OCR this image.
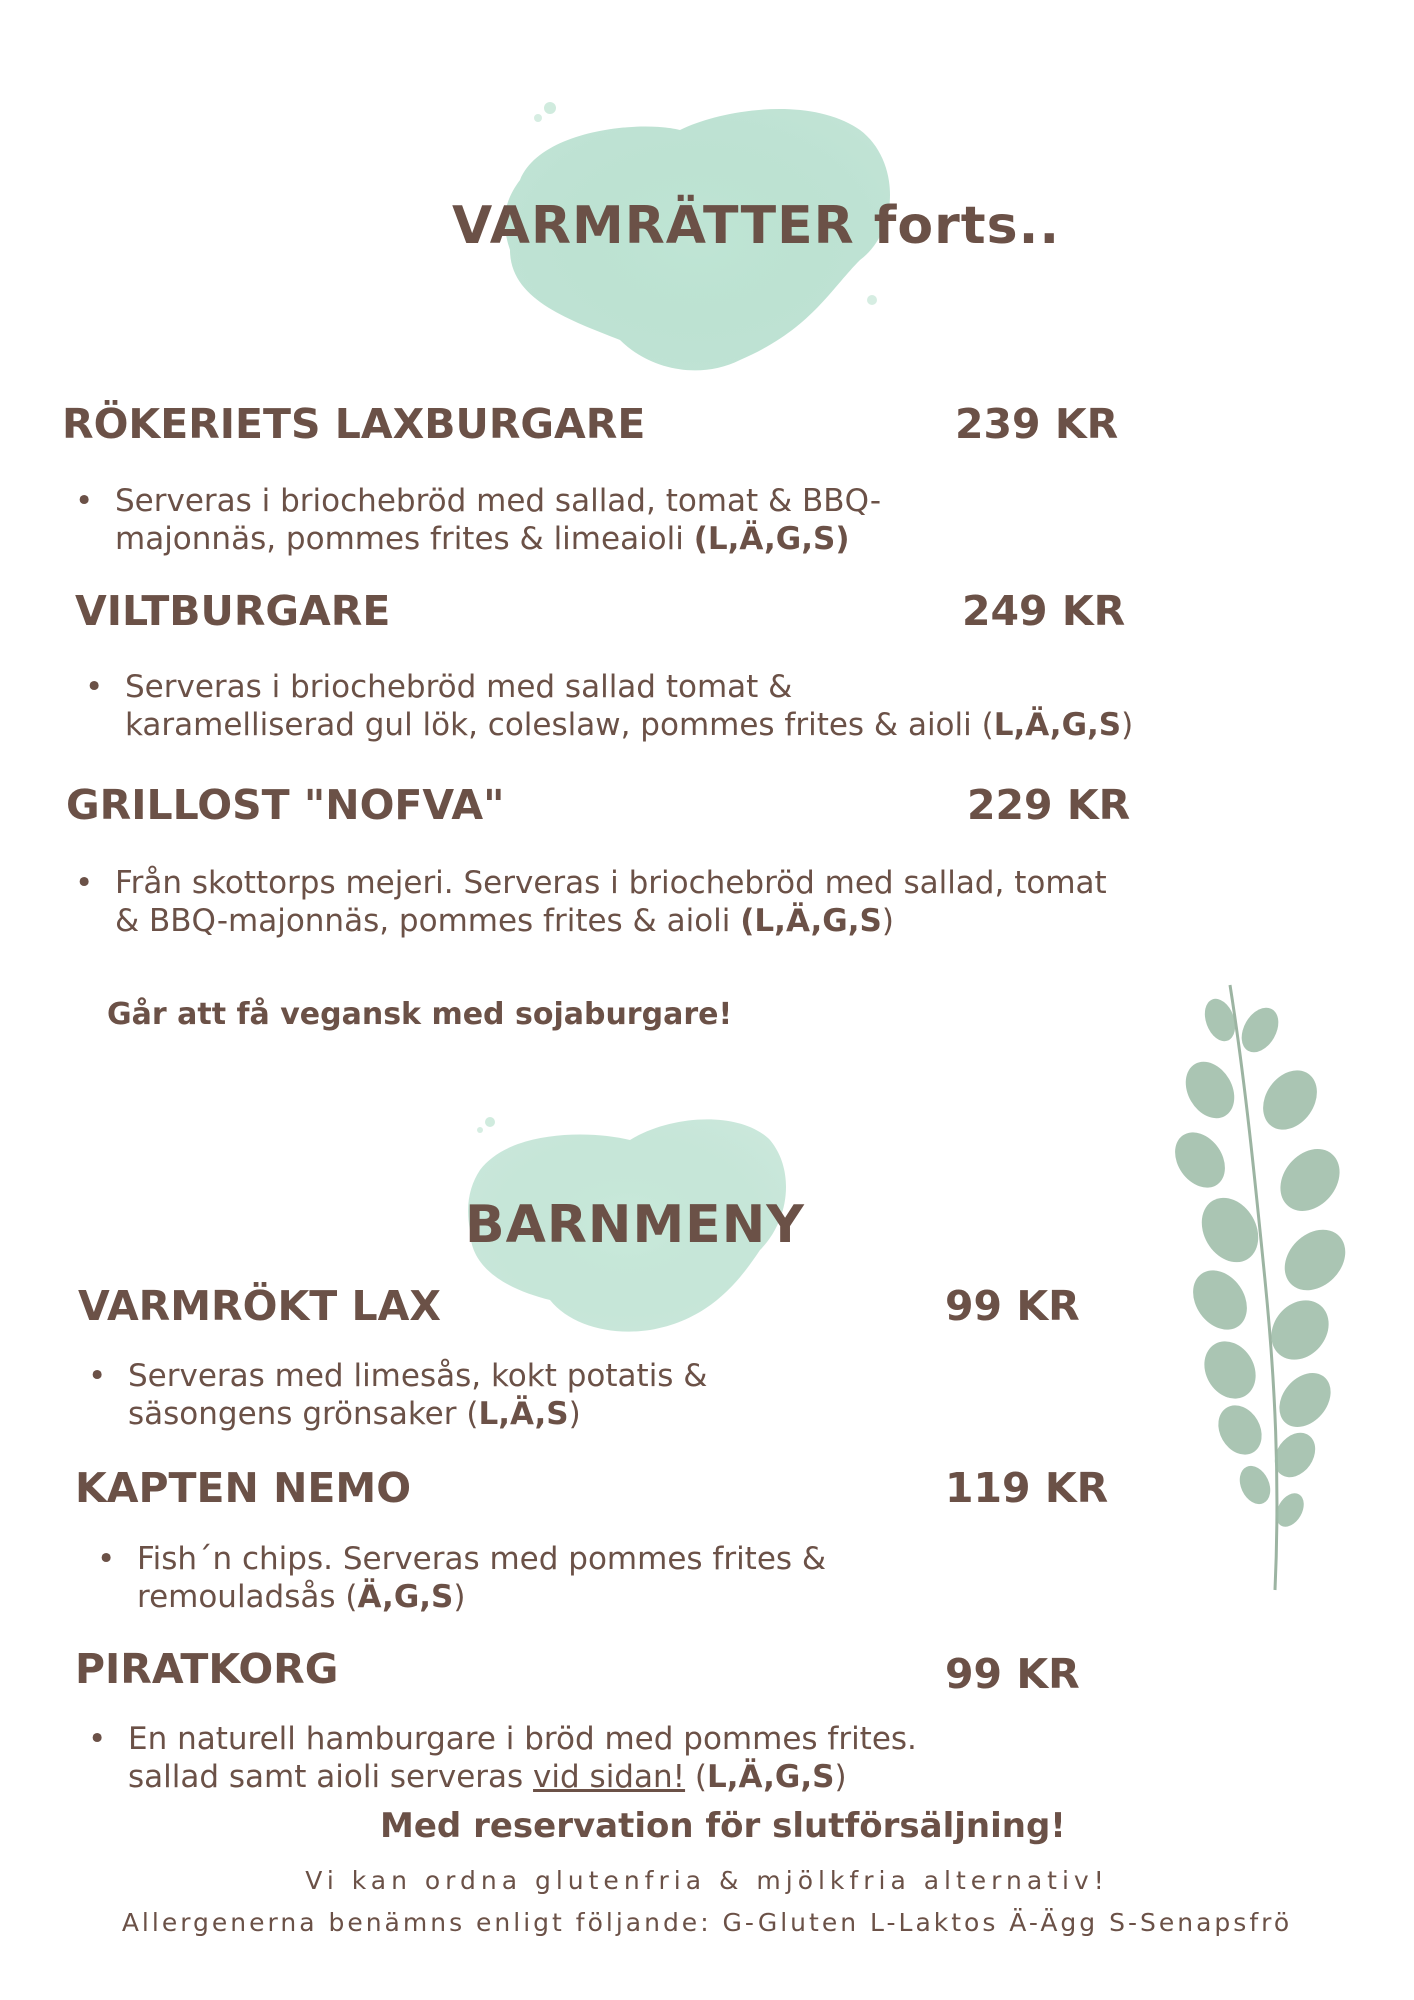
VARMRÄTTER forts..
RÖKERIETS LAXBURGARE	239 KR
• Serveras i briochebröd med sallad, tomat & BBQ-
majonnäs, pommes frites & limeaioli (L,Ä,G,S)
VILTBURGARE	249 KR
• Serveras i briochebröd med sallad tomat &
karamelliserad gul lök, coleslaw, pommes frites & aioli (L,Ä,G,S)
GRILLOST "NOFVA"	229 KR
• Från skottorps mejeri. Serveras i briochebröd med sallad, tomat
& BBQ-majonnäs, pommes frites & aioli (L,Ä,G,S)
Går att få vegansk med sojaburgare!
BARNMENY
VARMRÖKT LAX	99 KR
• Serveras med limesås, kokt potatis &
säsongens grönsaker (L,Ä,S)
KAPTEN NEMO	119 KR
• Fish´n chips. Serveras med pommes frites &
remouladsås (Ä,G,S)
PIRATKORG	99 KR
• En naturell hamburgare i bröd med pommes frites.
sallad samt aioli serveras vid sidan! (L,Ä,G,S)
Med reservation för slutförsäljning!
Vi kan ordna glutenfria & mjölkfria alternativ!
Allergenerna benämns enligt följande: G-Gluten L-Laktos Ä-Ägg S-Senapsfrö
